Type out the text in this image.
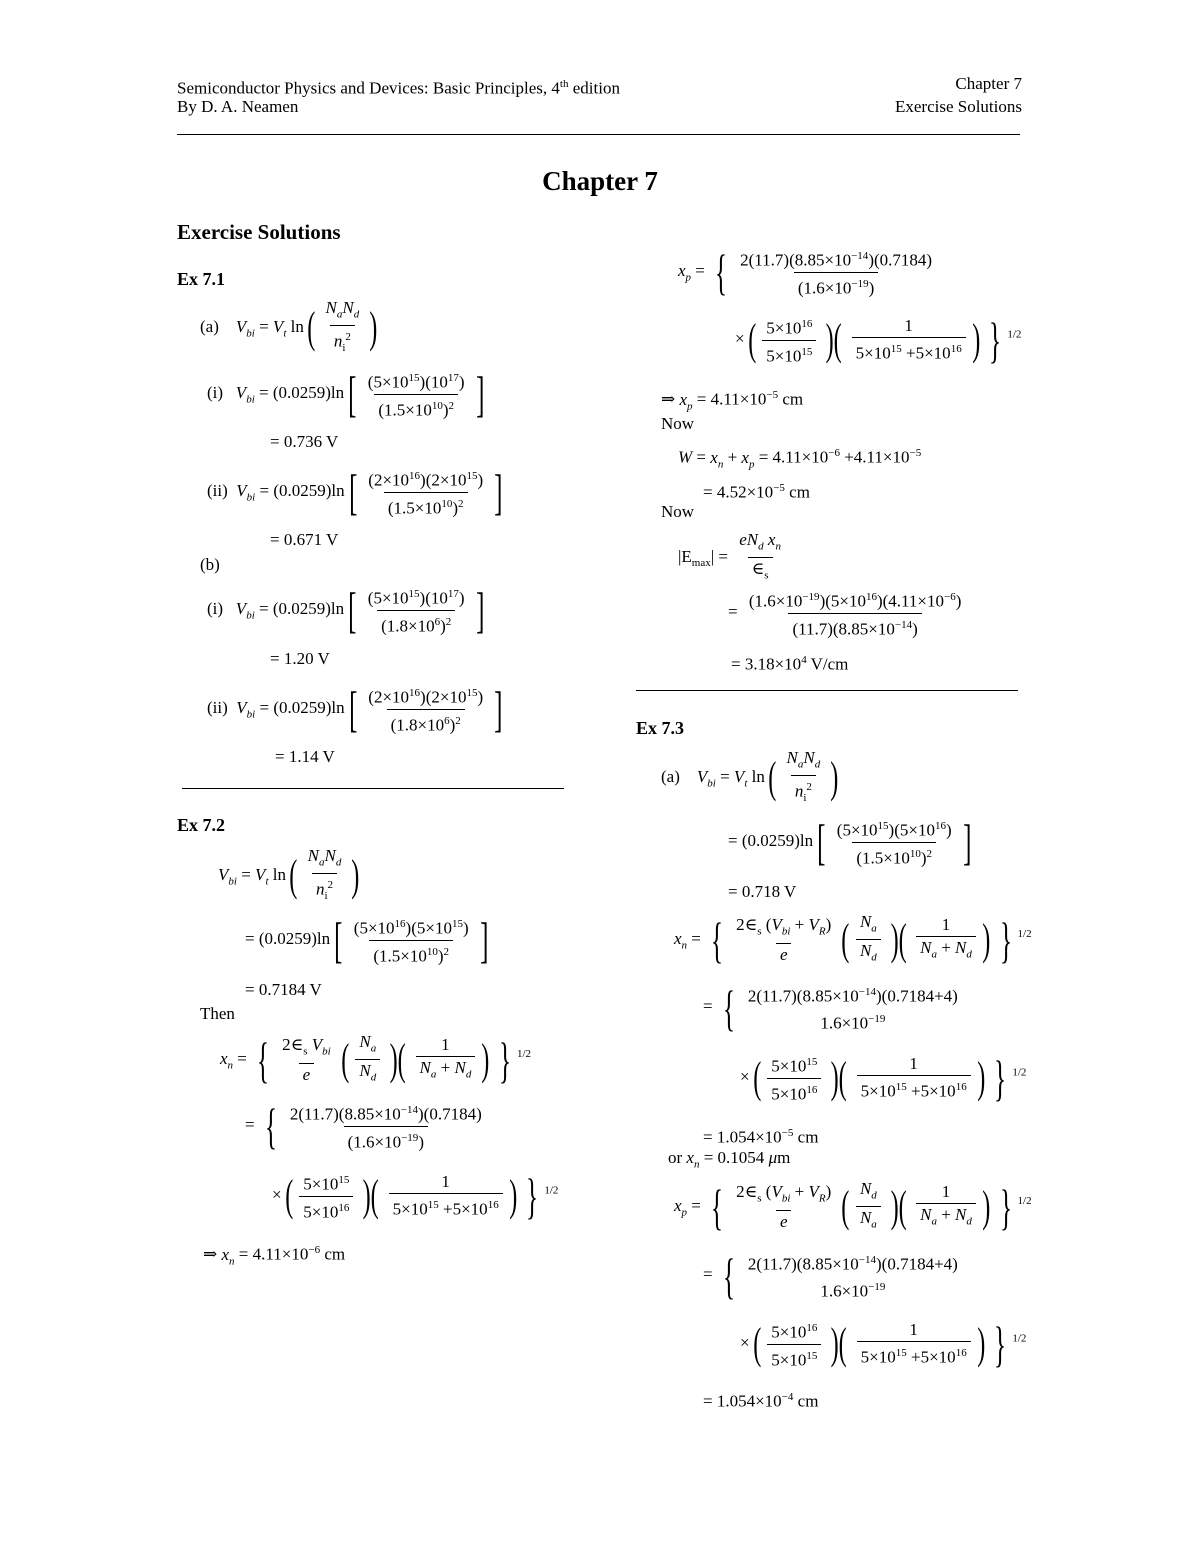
Semiconductor Physics and Devices: Basic Principles, 4th edition
By D. A. Neamen
Chapter 7
Exercise Solutions
Chapter 7
Exercise Solutions
Ex 7.1
(a) $V_{bi} = V_t$ ln( $N_aN_d$
$n_i^2$ )
(i) $V_{bi} = (0.0259)\ln[ \frac{(5\times 10^{15})(10^{17})}{(1.5\times 10^{10})^2}$ ]
= 0.736 V
(ii) $V_{bi} = (0.0259)\ln[ \frac{(2\times 10^{16})(2\times 10^{15})}{(1.5\times 10^{10})^2}$ ]
= 0.671 V
(b)
(i) $V_{bi} = (0.0259)\ln[ \frac{(5\times 10^{15})(10^{17})}{(1.8\times 10^6)^2}$ ]
= 1.20 V
(ii) $V_{bi} = (0.0259)\ln[ \frac{(2\times 10^{16})(2\times 10^{15})}{(1.8\times 10^6)^2}$ ]
= 1.14 V
Ex 7.2
$V_{bi} = V_t$ ln( $N_aN_d$
$n_i^2$ )
= $(0.0259)\ln[ \frac{(5\times 10^{16})(5\times 10^{15})}{(1.5\times 10^{10})^2}$ ]
= 0.7184 V
Then
$x_n$ = { $2\in_s$ $V_{bi}$
e ( $\frac{N_a}{N_d}$ )( $\frac{1}{N_a + N_d}$ ) } $^{1/2}$
= { $\frac{2(11.7)(8.85\times 10^{-14})(0.7184)}{(1.6\times 10^{-19})}$
×( $\frac{5\times 10^{15}}{5\times 10^{16}}$ )( $\frac{1}{5\times 10^{15} +5\times 10^{16}}$ ) } $^{1/2}$
⇒ $x_n = 4.11\times 10^{-6}$ cm
$x_p$ = { $\frac{2(11.7)(8.85\times 10^{-14})(0.7184)}{(1.6\times 10^{-19})}$
×( $\frac{5\times 10^{16}}{5\times 10^{15}}$ )( $\frac{1}{5\times 10^{15} +5\times 10^{16}}$ ) } $^{1/2}$
⇒ $x_p = 4.11\times 10^{-5}$ cm
Now
$W = x_n + x_p = 4.11\times 10^{-6} +4.11\times 10^{-5}$
= $4.52\times 10^{-5}$ cm
Now
$|E_{max}|$ =
$eN_d$ $x_n$
$\in_s$
= $\frac{(1.6\times 10^{-19})(5\times 10^{16})(4.11\times 10^{-6})}{(11.7)(8.85\times 10^{-14})}$
= $3.18\times 10^4$ V/cm
Ex 7.3
(a) $V_{bi} = V_t$ ln( $N_aN_d$
$n_i^2$ )
= $(0.0259)\ln[ \frac{(5\times 10^{15})(5\times 10^{16})}{(1.5\times 10^{10})^2}$ ]
= 0.718 V
$x_n$ = { $2\in_s$ $(V_{bi} + V_R)$
e ( $\frac{N_a}{N_d}$ )( $\frac{1}{N_a + N_d}$ ) } $^{1/2}$
= { $2(11.7)(8.85\times 10^{-14})(0.7184+4)$
$1.6\times 10^{-19}$
×( $\frac{5\times 10^{15}}{5\times 10^{16}}$ )( $\frac{1}{5\times 10^{15} +5\times 10^{16}}$ ) } $^{1/2}$
= $1.054\times 10^{-5}$ cm
or $x_n = 0.1054$ μm
$x_p$ = { $2\in_s$ $(V_{bi} + V_R)$
e ( $\frac{N_d}{N_a}$ )( $\frac{1}{N_a + N_d}$ ) } $^{1/2}$
= { $2(11.7)(8.85\times 10^{-14})(0.7184+4)$
$1.6\times 10^{-19}$
×( $\frac{5\times 10^{16}}{5\times 10^{15}}$ )( $\frac{1}{5\times 10^{15} +5\times 10^{16}}$ ) } $^{1/2}$
= $1.054\times 10^{-4}$ cm
